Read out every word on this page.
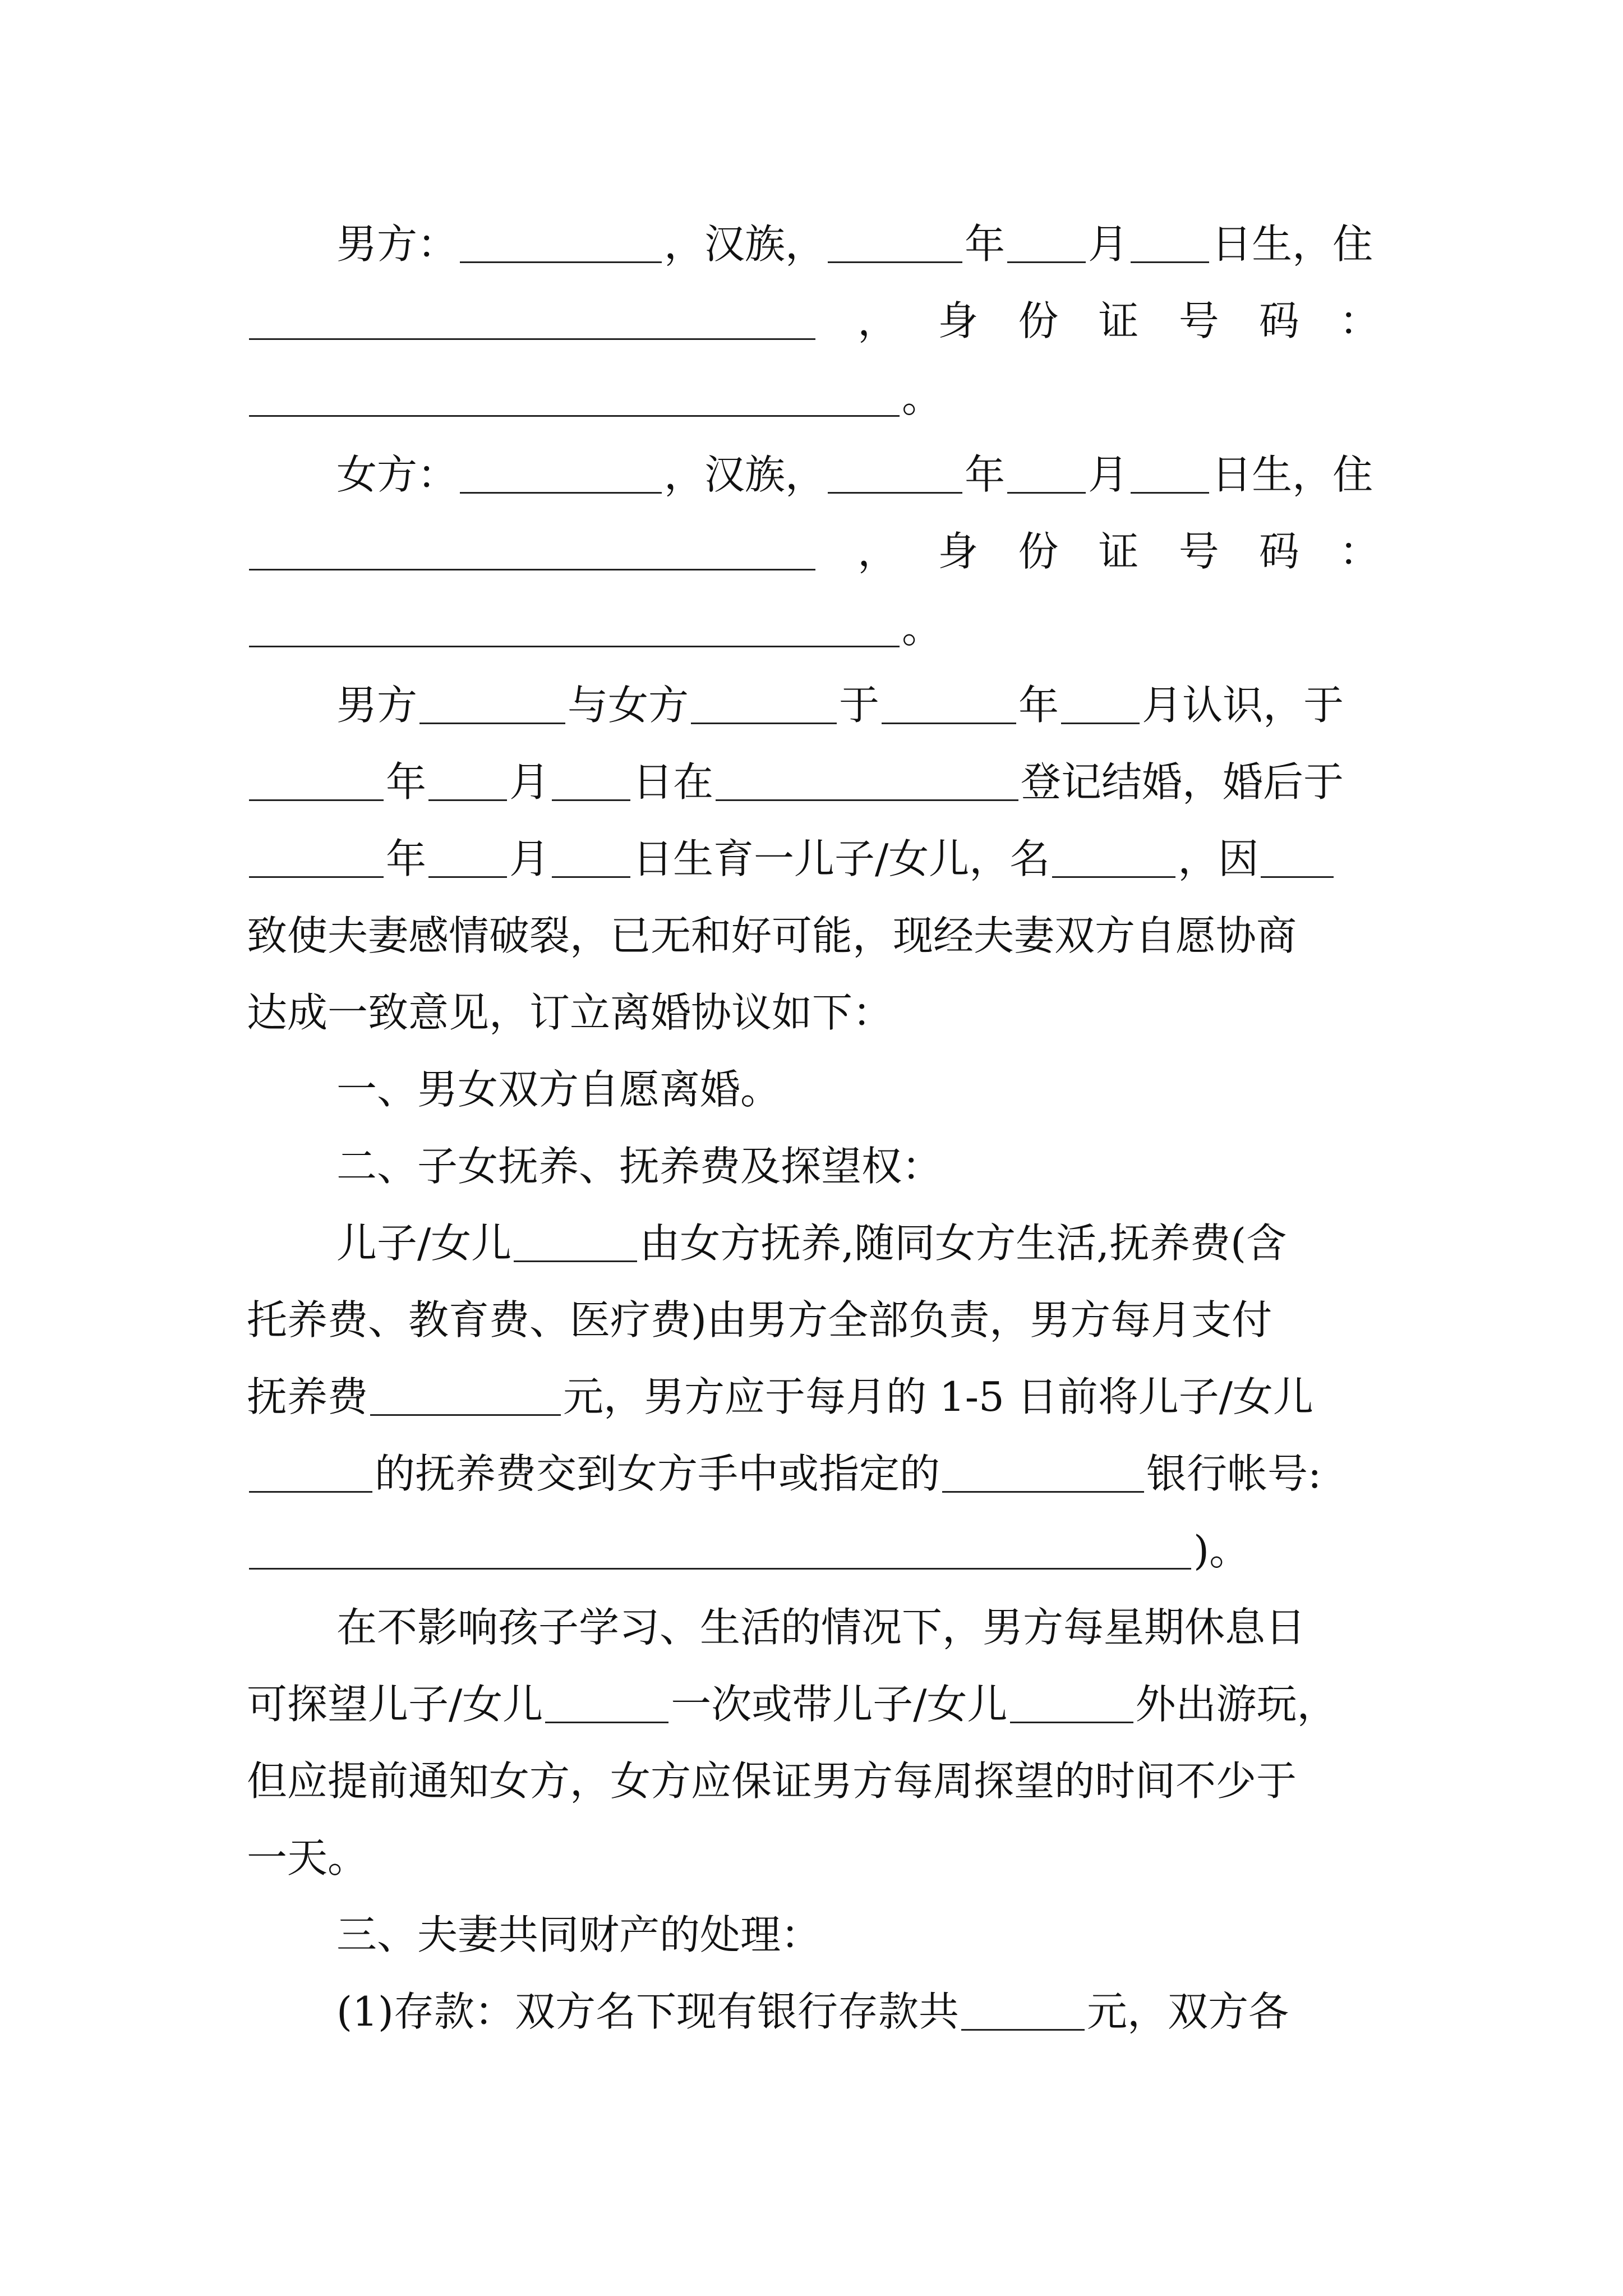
男方：	，汉族，	年 月 日生，住
， 身 份 证 号 码 ：
。
女方：	，汉族，	年 月 日生，住
， 身 份 证 号 码 ：
。
男方	与女方	于	年 月认识，于
年 月 日在	登记结婚，婚后于
年 月 日生育一儿子/女儿，名	，因
致使夫妻感情破裂，已无和好可能，现经夫妻双方自愿协商
达成一致意见，订立离婚协议如下：
一、男女双方自愿离婚。
二、子女抚养、抚养费及探望权：
儿子/女儿	由女方抚养,随同女方生活,抚养费(含
托养费、教育费、医疗费)由男方全部负责，男方每月支付
抚养费	元，男方应于每月的 1-5 日前将儿子/女儿
的抚养费交到女方手中或指定的	银行帐号:
)。
在不影响孩子学习、生活的情况下，男方每星期休息日
可探望儿子/女儿	一次或带儿子/女儿	外出游玩，
但应提前通知女方，女方应保证男方每周探望的时间不少于
一天。
三、夫妻共同财产的处理：
(1)存款：双方名下现有银行存款共	元，双方各
